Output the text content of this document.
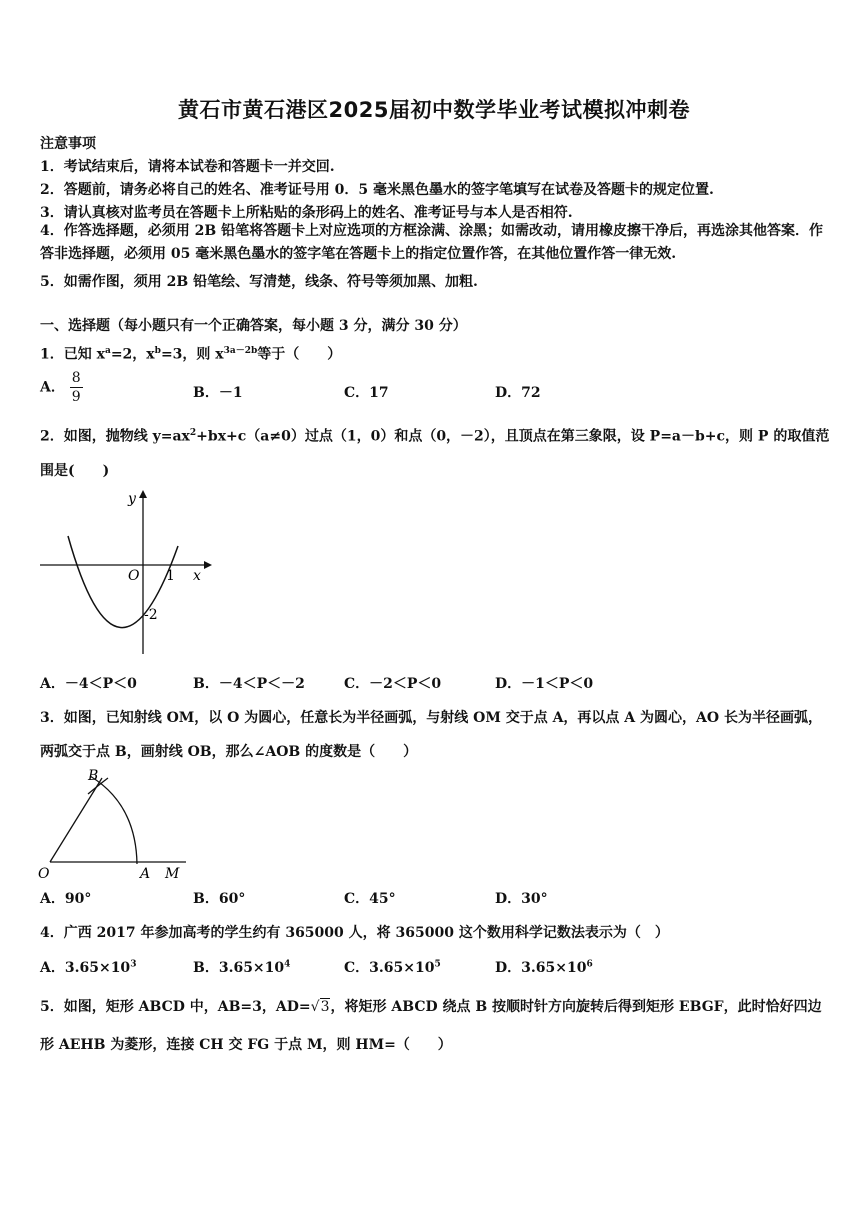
黄石市黄石港区2025届初中数学毕业考试模拟冲刺卷
注意事项
1．考试结束后，请将本试卷和答题卡一并交回.
2．答题前，请务必将自己的姓名、准考证号用 0．5 毫米黑色墨水的签字笔填写在试卷及答题卡的规定位置.
3．请认真核对监考员在答题卡上所粘贴的条形码上的姓名、准考证号与本人是否相符.
4．作答选择题，必须用 2B 铅笔将答题卡上对应选项的方框涂满、涂黑；如需改动，请用橡皮擦干净后，再选涂其他答案．作答非选择题，必须用 05 毫米黑色墨水的签字笔在答题卡上的指定位置作答，在其他位置作答一律无效.
5．如需作图，须用 2B 铅笔绘、写清楚，线条、符号等须加黑、加粗.
一、选择题（每小题只有一个正确答案，每小题 3 分，满分 30 分）
1．已知 $x^a=2$，$x^b=3$，则 $x^{3a-2b}$等于（　　）
A． $\frac{8}{9}$	B．－1	C．17	D．72
2．如图，抛物线 $y=ax^2+bx+c(a\ne 0)$过点（1，0）和点（0，－2），且顶点在第三象限，设 P=a－b+c，则 P 的取值范围是(　　)
y
x
O 1
-2
A．－4＜P＜0	B．－4＜P＜－2	C．－2＜P＜0	D．－1＜P＜0
3．如图，已知射线 OM，以 O 为圆心，任意长为半径画弧，与射线 OM 交于点 A，再以点 A 为圆心，AO 长为半径画弧，两弧交于点 B，画射线 OB，那么∠AOB 的度数是（　　）
B
O	A M
A．90°	B．60°	C．45°	D．30°
4．广西 2017 年参加高考的学生约有 365000 人，将 365000 这个数用科学记数法表示为（　）
A．$3.65\times 10^3$	B．$3.65\times 10^4$	C．$3.65\times 10^5$	D．$3.65\times 10^6$
5．如图，矩形 ABCD 中，AB=3，AD=√3，将矩形 ABCD 绕点 B 按顺时针方向旋转后得到矩形 EBGF，此时恰好四边形 AEHB 为菱形，连接 CH 交 FG 于点 M，则 HM=（　　）
